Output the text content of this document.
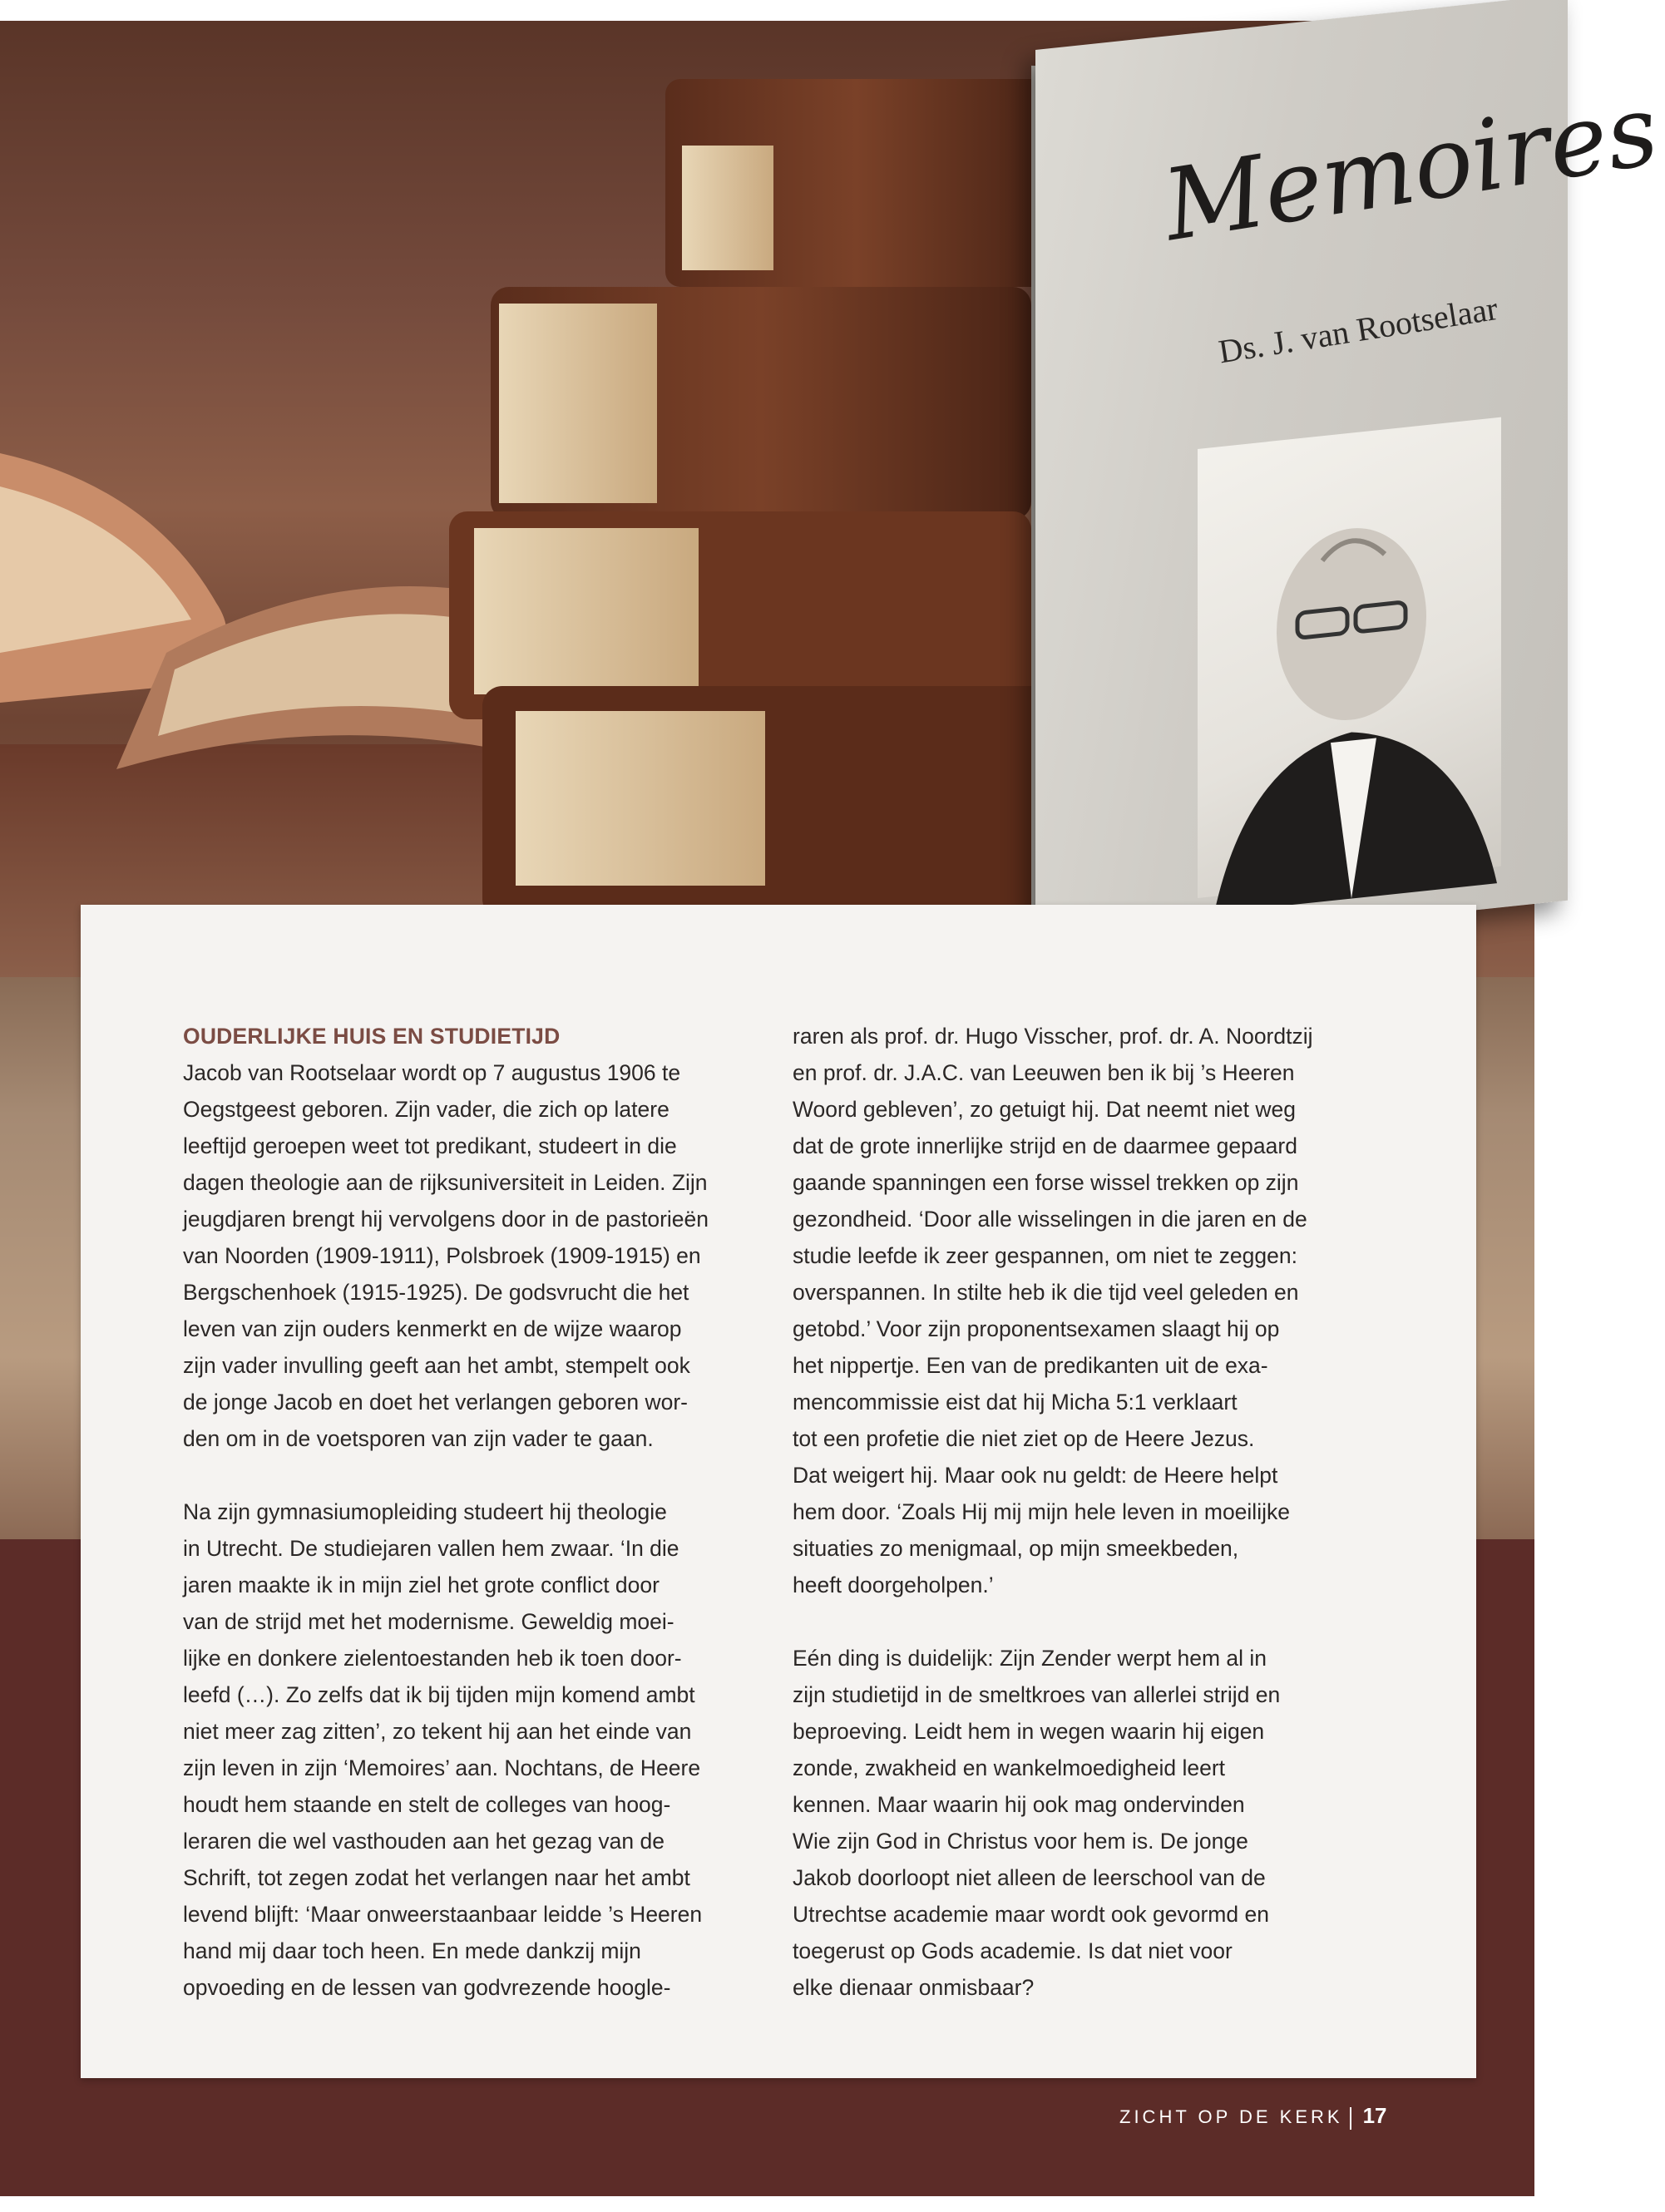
Memoires
Ds. J. van Rootselaar

OUDERLIJKE HUIS EN STUDIETIJD

Jacob van Rootselaar wordt op 7 augustus 1906 te
Oegstgeest geboren. Zijn vader, die zich op latere
leeftijd geroepen weet tot predikant, studeert in die
dagen theologie aan de rijksuniversiteit in Leiden. Zijn
jeugdjaren brengt hij vervolgens door in de pastorieën
van Noorden (1909-1911), Polsbroek (1909-1915) en
Bergschenhoek (1915-1925). De godsvrucht die het
leven van zijn ouders kenmerkt en de wijze waarop
zijn vader invulling geeft aan het ambt, stempelt ook
de jonge Jacob en doet het verlangen geboren wor-
den om in de voetsporen van zijn vader te gaan.

Na zijn gymnasiumopleiding studeert hij theologie
in Utrecht. De studiejaren vallen hem zwaar. ‘In die
jaren maakte ik in mijn ziel het grote conflict door
van de strijd met het modernisme. Geweldig moei-
lijke en donkere zielentoestanden heb ik toen door-
leefd (…). Zo zelfs dat ik bij tijden mijn komend ambt
niet meer zag zitten’, zo tekent hij aan het einde van
zijn leven in zijn ‘Memoires’ aan. Nochtans, de Heere
houdt hem staande en stelt de colleges van hoog-
leraren die wel vasthouden aan het gezag van de
Schrift, tot zegen zodat het verlangen naar het ambt
levend blijft: ‘Maar onweerstaanbaar leidde ’s Heeren
hand mij daar toch heen. En mede dankzij mijn
opvoeding en de lessen van godvrezende hoogle-

raren als prof. dr. Hugo Visscher, prof. dr. A. Noordtzij
en prof. dr. J.A.C. van Leeuwen ben ik bij ’s Heeren
Woord gebleven’, zo getuigt hij. Dat neemt niet weg
dat de grote innerlijke strijd en de daarmee gepaard
gaande spanningen een forse wissel trekken op zijn
gezondheid. ‘Door alle wisselingen in die jaren en de
studie leefde ik zeer gespannen, om niet te zeggen:
overspannen. In stilte heb ik die tijd veel geleden en
getobd.’ Voor zijn proponentsexamen slaagt hij op
het nippertje. Een van de predikanten uit de exa-
mencommissie eist dat hij Micha 5:1 verklaart
tot een profetie die niet ziet op de Heere Jezus.
Dat weigert hij. Maar ook nu geldt: de Heere helpt
hem door. ‘Zoals Hij mij mijn hele leven in moeilijke
situaties zo menigmaal, op mijn smeekbeden,
heeft doorgeholpen.’

Eén ding is duidelijk: Zijn Zender werpt hem al in
zijn studietijd in de smeltkroes van allerlei strijd en
beproeving. Leidt hem in wegen waarin hij eigen
zonde, zwakheid en wankelmoedigheid leert
kennen. Maar waarin hij ook mag ondervinden
Wie zijn God in Christus voor hem is. De jonge
Jakob doorloopt niet alleen de leerschool van de
Utrechtse academie maar wordt ook gevormd en
toegerust op Gods academie. Is dat niet voor
elke dienaar onmisbaar?

ZICHT OP DE KERK 17
